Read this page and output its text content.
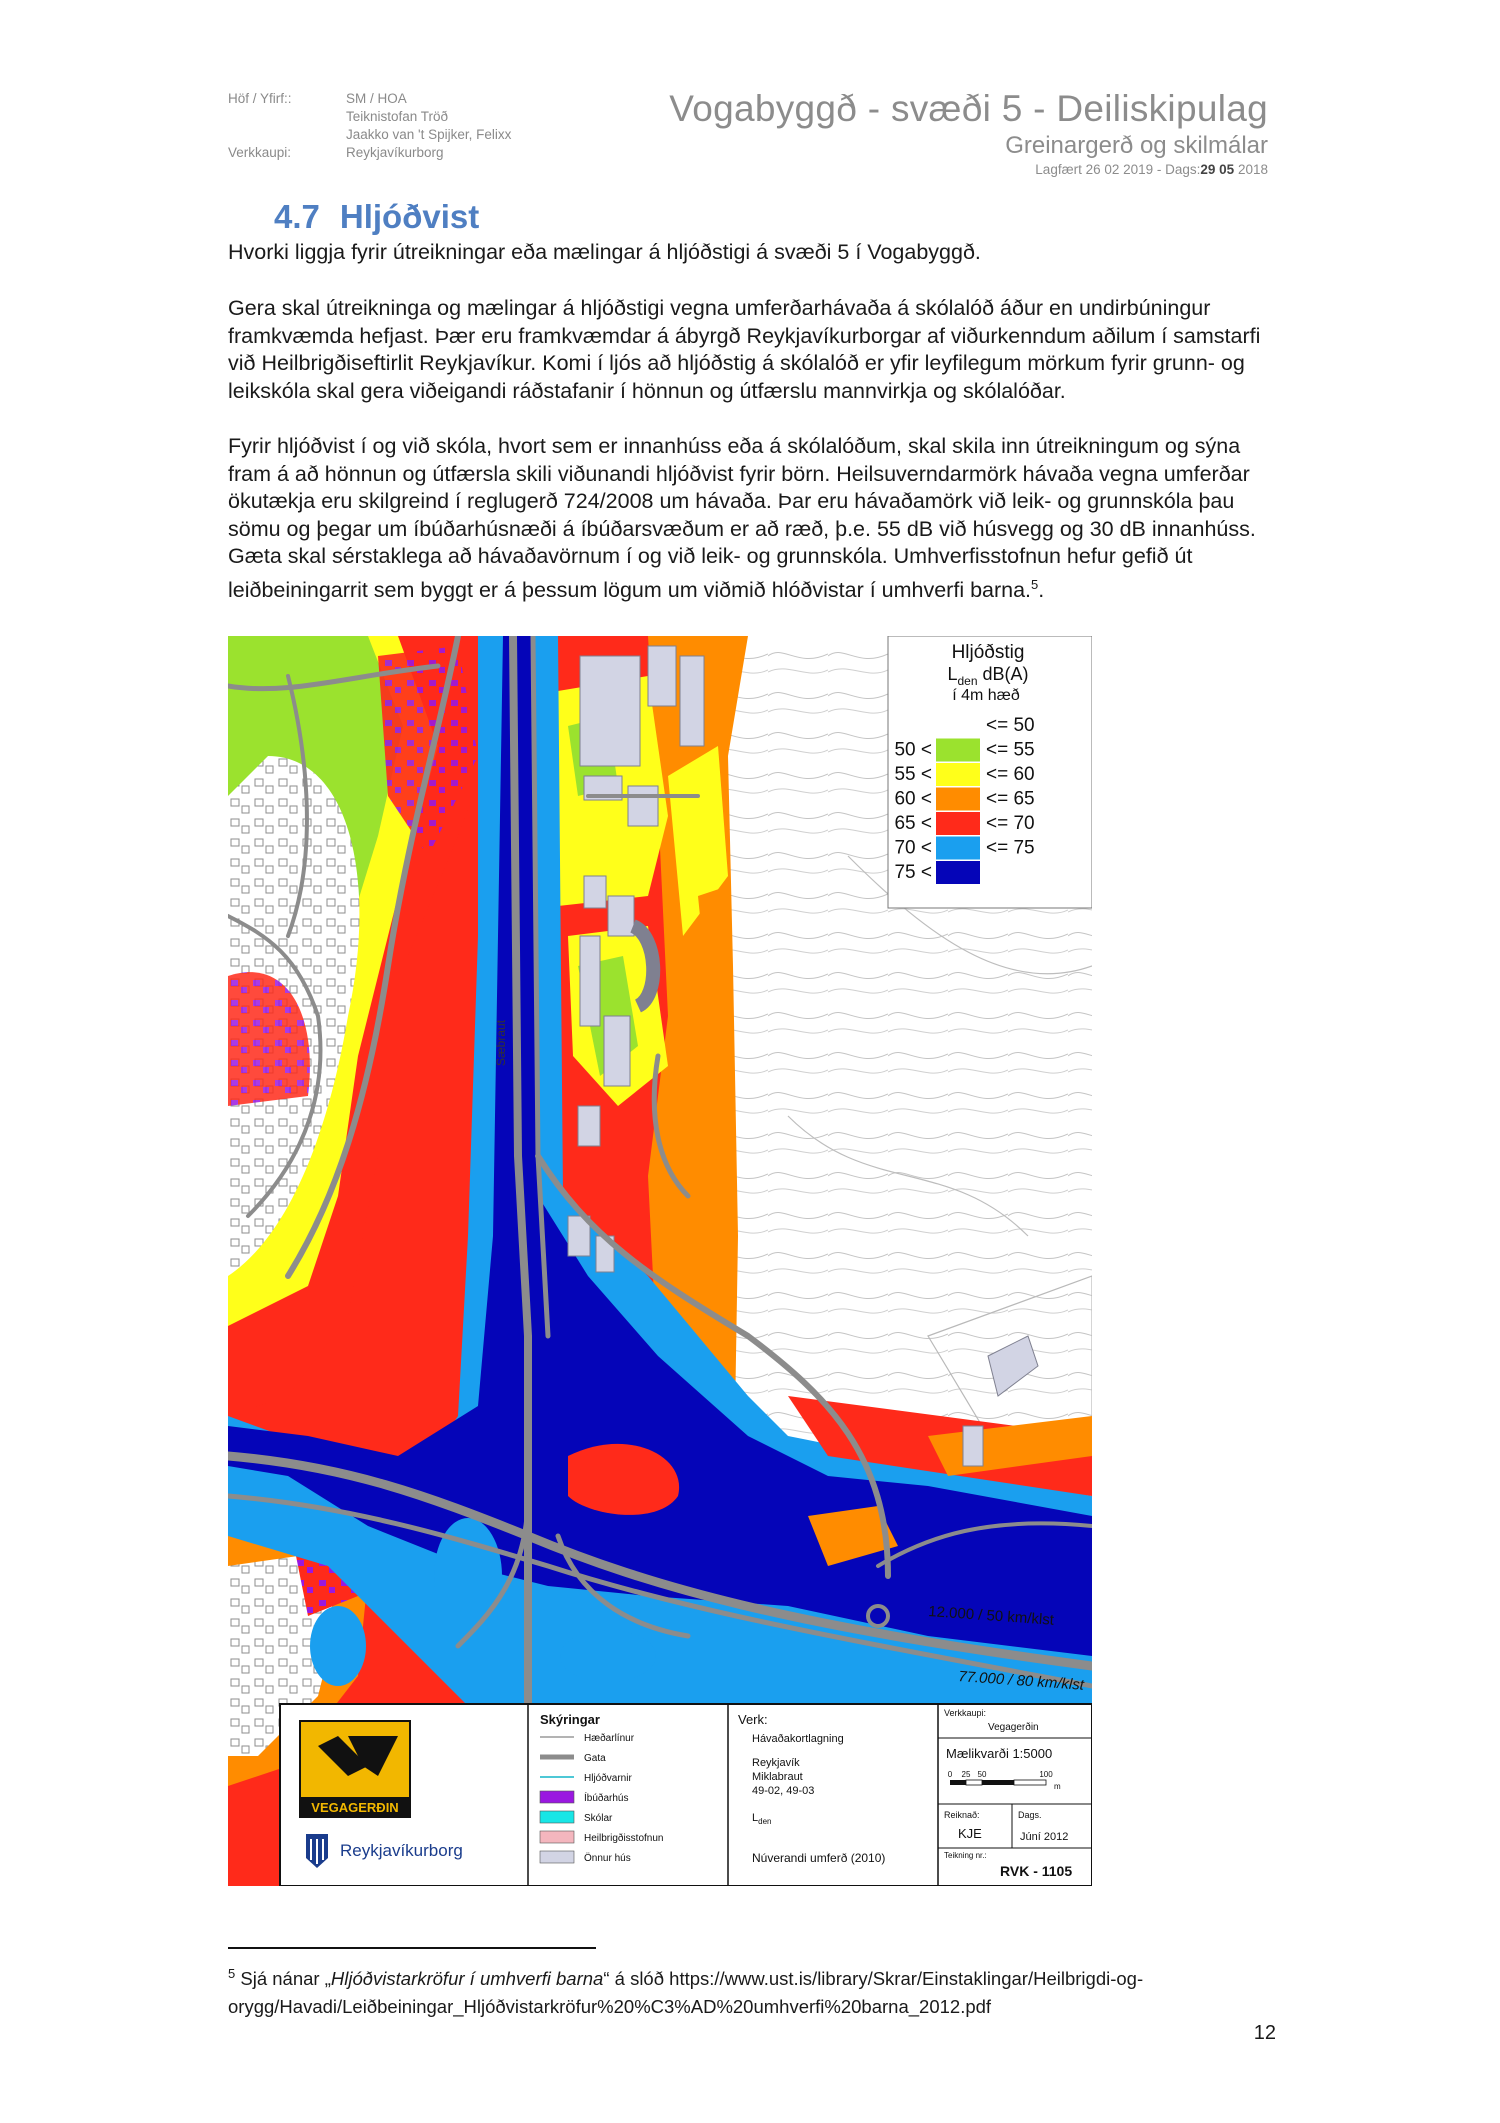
Höf / Yfirf::	SM / HOA
Teiknistofan Tröð
Jaakko van 't Spijker, Felixx
Verkkaupi:	Reykjavíkurborg
Vogabyggð - svæði 5 - Deiliskipulag
Greinargerð og skilmálar
Lagfært 26 02 2019 - Dags:29 05 2018
4.7 Hljóðvist
Hvorki liggja fyrir útreikningar eða mælingar á hljóðstigi á svæði 5 í Vogabyggð.
Gera skal útreikninga og mælingar á hljóðstigi vegna umferðarhávaða á skólalóð áður en undirbúningur framkvæmda hefjast. Þær eru framkvæmdar á ábyrgð Reykjavíkurborgar af viðurkenndum aðilum í samstarfi við Heilbrigðiseftirlit Reykjavíkur. Komi í ljós að hljóðstig á skólalóð er yfir leyfilegum mörkum fyrir grunn- og leikskóla skal gera viðeigandi ráðstafanir í hönnun og útfærslu mannvirkja og skólalóðar.
Fyrir hljóðvist í og við skóla, hvort sem er innanhúss eða á skólalóðum, skal skila inn útreikningum og sýna fram á að hönnun og útfærsla skili viðunandi hljóðvist fyrir börn. Heilsuverndarmörk hávaða vegna umferðar ökutækja eru skilgreind í reglugerð 724/2008 um hávaða. Þar eru hávaðamörk við leik- og grunnskóla þau sömu og þegar um íbúðarhúsnæði á íbúðarsvæðum er að ræð, þ.e. 55 dB við húsvegg og 30 dB innanhúss. Gæta skal sérstaklega að hávaðavörnum í og við leik- og grunnskóla. Umhverfisstofnun hefur gefið út leiðbeiningarrit sem byggt er á þessum lögum um viðmið hlóðvistar í umhverfi barna.$^5$.
12.000 / 50 km/klst
77.000 / 80 km/klst
Sæbraut
Hljóðstig
$L_{den}$ dB(A)
í 4m hæð
<= 50
50 <	<= 55
55 <	<= 60
60 <	<= 65
65 <	<= 70
70 <	<= 75
75 <
VEGAGERÐIN
Reykjavíkurborg
Skýringar
Hæðarlínur
Gata
Hljóðvarnir
Íbúðarhús
Skólar
Heilbrigðisstofnun
Önnur hús
Verk:
Hávaðakortlagning
Reykjavík
Miklabraut
49-02, 49-03
$L_{den}$
Núverandi umferð (2010)
Verkkaupi:
Vegagerðin
Mælikvarði 1:5000
0 25 50	100
m
Reiknað:
KJE
Dags.
Júní 2012
Teikning nr.:
RVK - 1105
$^5$ Sjá nánar „Hljóðvistarkröfur í umhverfi barna“ á slóð https://www.ust.is/library/Skrar/Einstaklingar/Heilbrigdi-og-orygg/Havadi/Leiðbeiningar_Hljóðvistarkröfur%20%C3%AD%20umhverfi%20barna_2012.pdf
12
